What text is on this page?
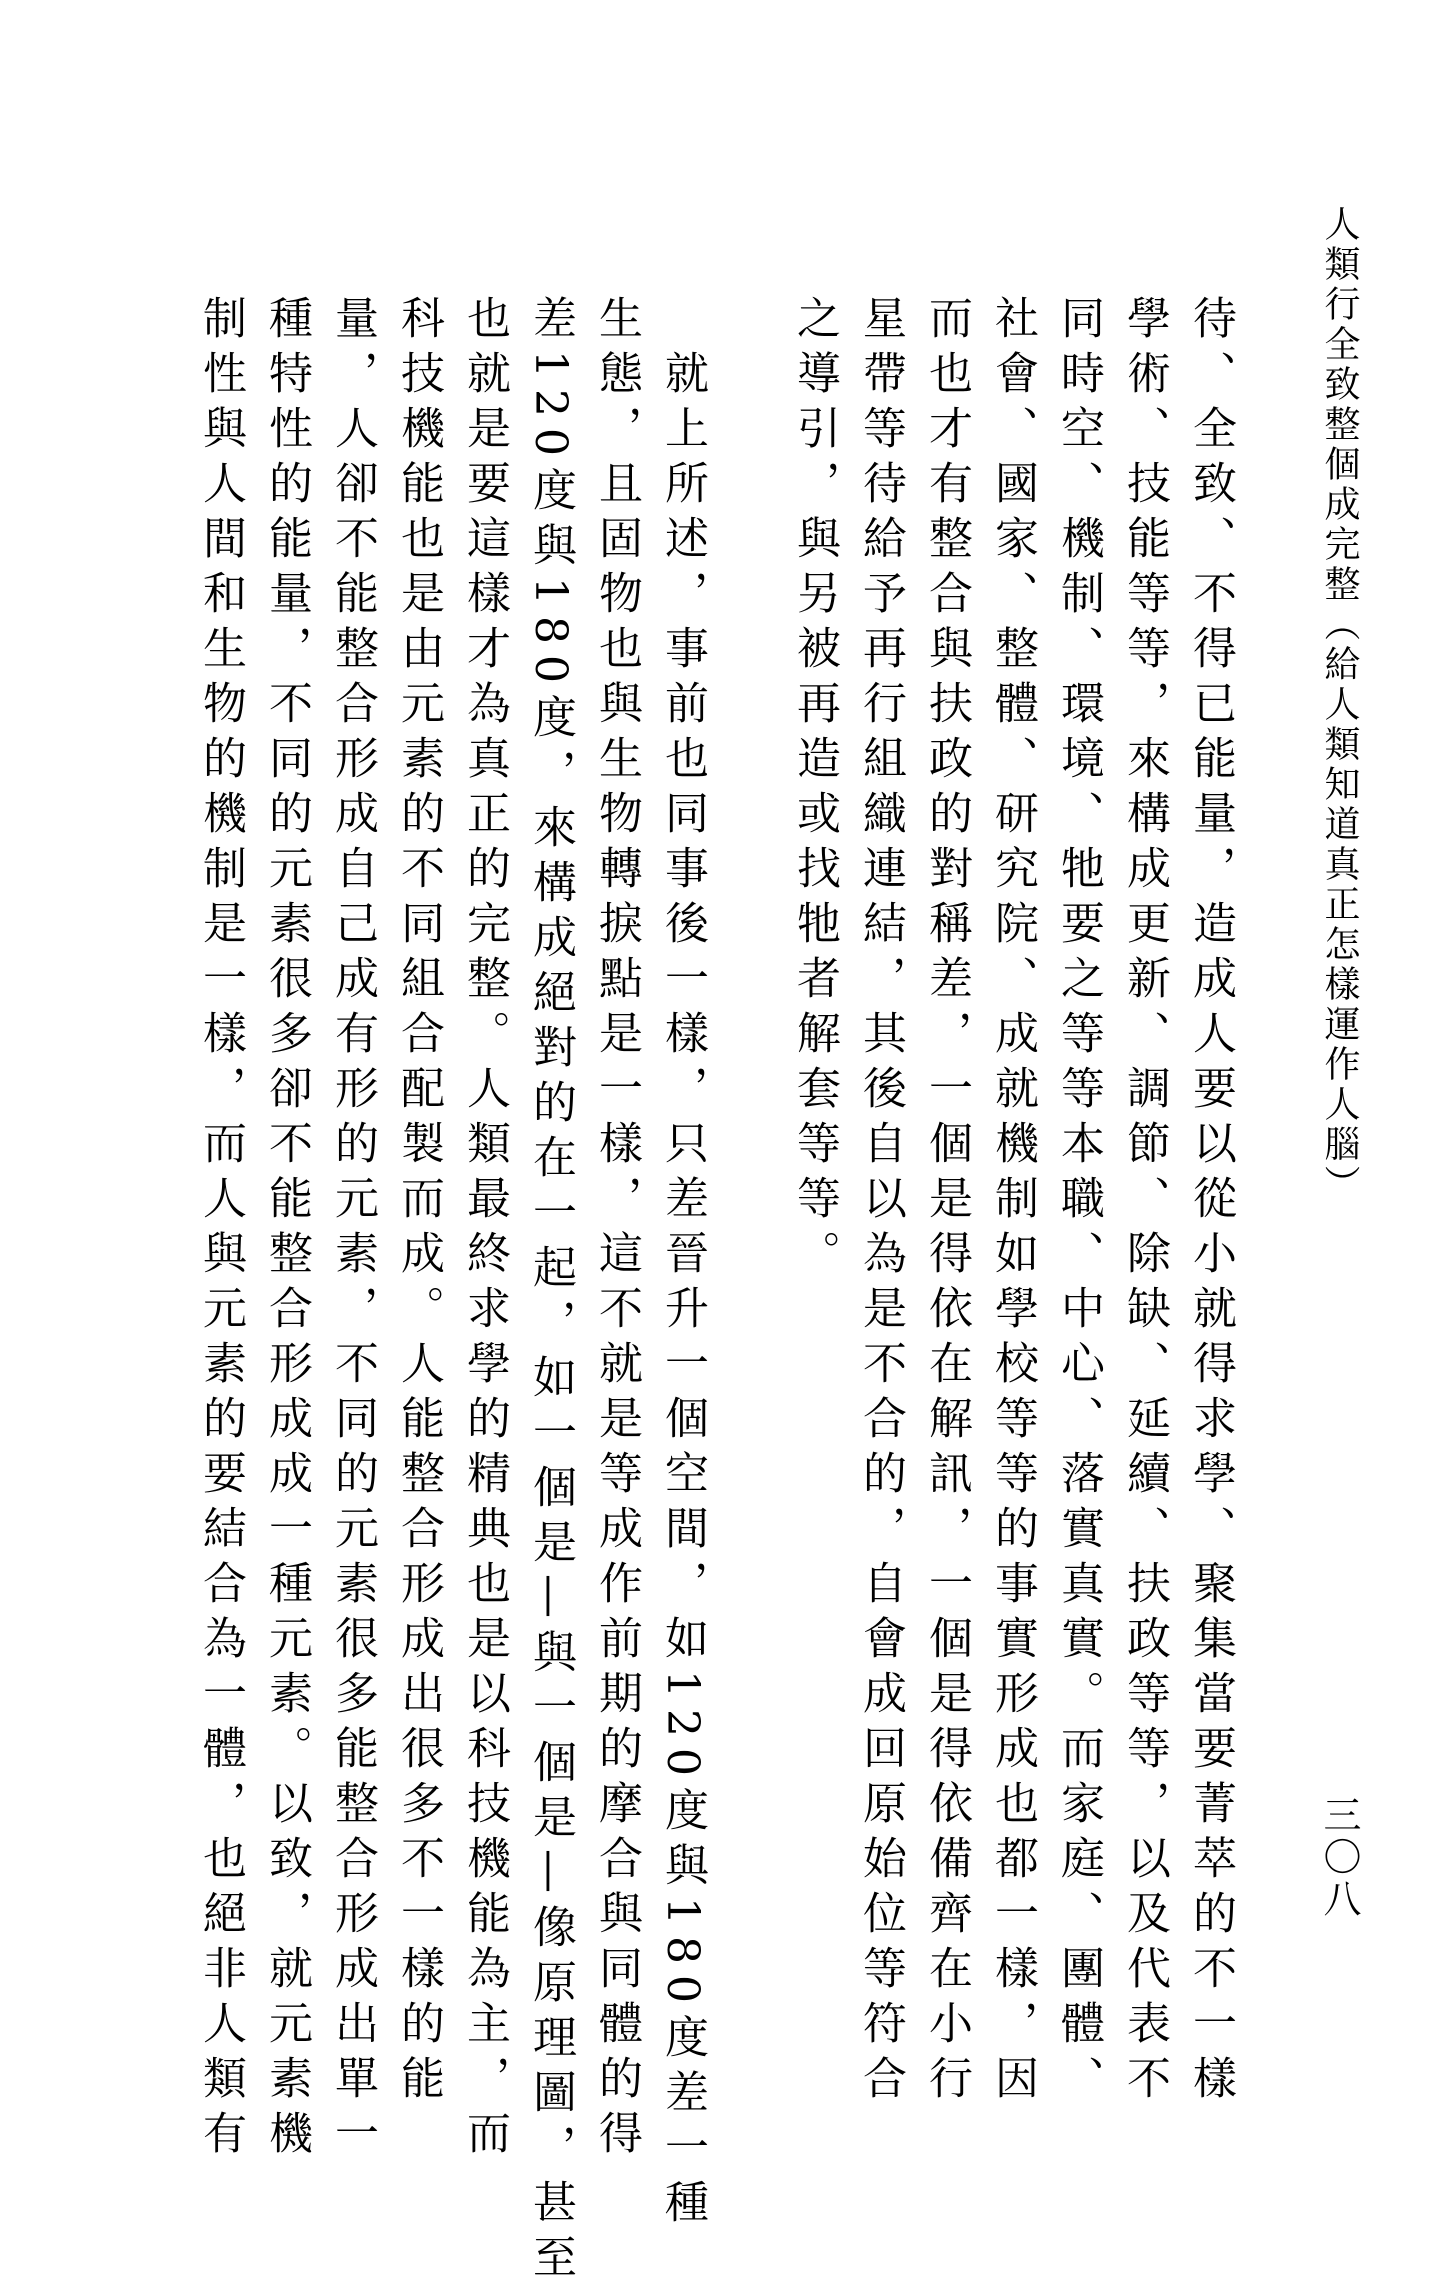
人類行全致整個成完整（給人類知道真正怎樣運作人腦）
三〇八
待、全致、不得已能量，造成人要以從小就得求學、聚集當要菁萃的不一樣
學術、技能等等，來構成更新、調節、除缺、延續、扶政等等，以及代表不
同時空、機制、環境、牠要之等等本職、中心、落實真實。而家庭、團體、
社會、國家、整體、研究院、成就機制如學校等等的事實形成也都一樣，因
而也才有整合與扶政的對稱差，一個是得依在解訊，一個是得依備齊在小行
星帶等待給予再行組織連結，其後自以為是不合的，自會成回原始位等符合
之導引，與另被再造或找牠者解套等等。
　就上所述，事前也同事後一樣，只差晉升一個空間，如120度與180度差一種
生態，且固物也與生物轉捩點是一樣，這不就是等成作前期的摩合與同體的得
差120度與180度，來構成絕對的在一起，如一個是—與一個是—像原理圖，甚至
也就是要這樣才為真正的完整。人類最終求學的精典也是以科技機能為主，而
科技機能也是由元素的不同組合配製而成。人能整合形成出很多不一樣的能
量，人卻不能整合形成自己成有形的元素，不同的元素很多能整合形成出單一
種特性的能量，不同的元素很多卻不能整合形成成一種元素。以致，就元素機
制性與人間和生物的機制是一樣，而人與元素的要結合為一體，也絕非人類有
